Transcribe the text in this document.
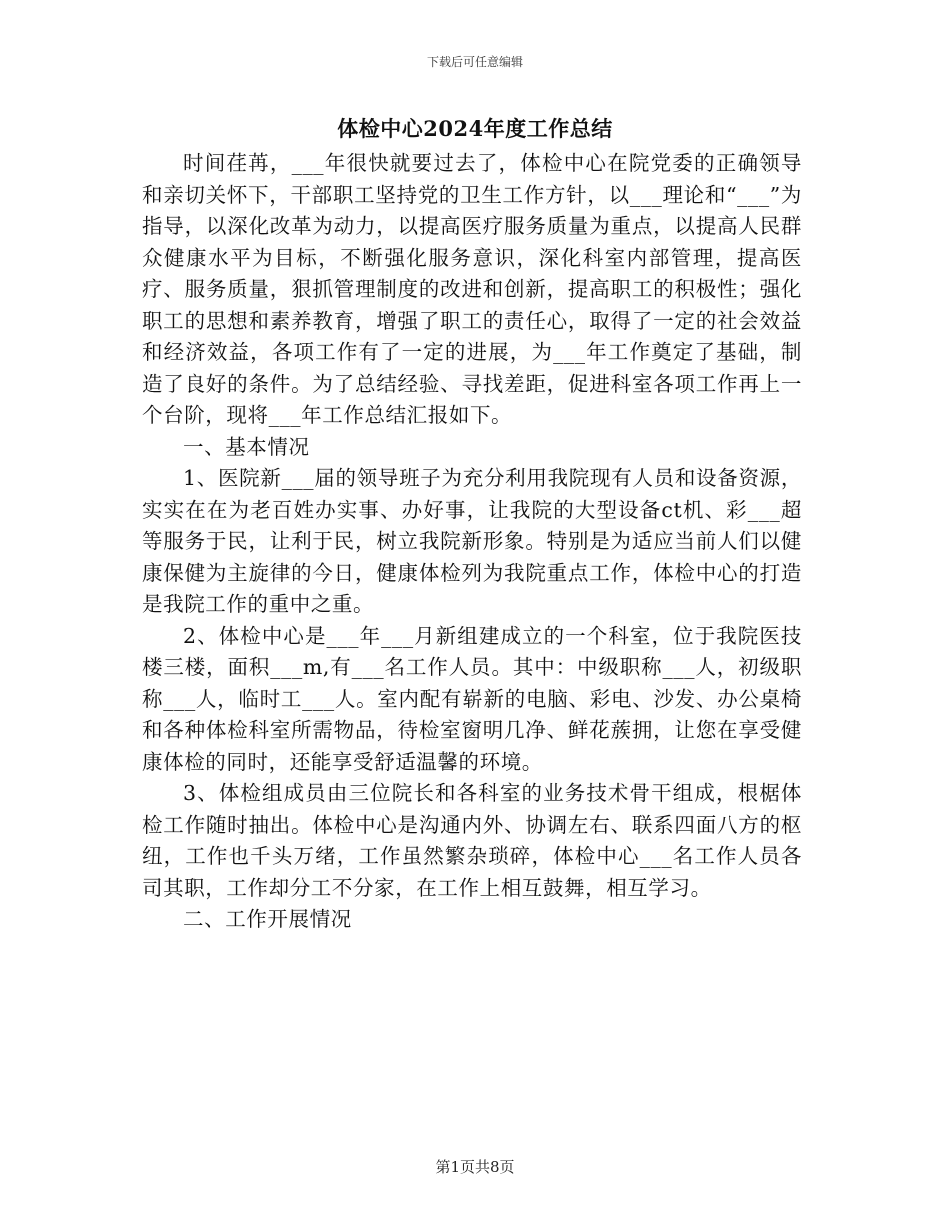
下载后可任意编辑
体检中心2024年度工作总结

时间荏苒，___年很快就要过去了，体检中心在院党委的正确领导和亲切关怀下，干部职工坚持党的卫生工作方针，以___理论和“___”为指导，以深化改革为动力，以提高医疗服务质量为重点，以提高人民群众健康水平为目标，不断强化服务意识，深化科室内部管理，提高医疗、服务质量，狠抓管理制度的改进和创新，提高职工的积极性；强化职工的思想和素养教育，增强了职工的责任心，取得了一定的社会效益和经济效益，各项工作有了一定的进展，为___年工作奠定了基础，制造了良好的条件。为了总结经验、寻找差距，促进科室各项工作再上一个台阶，现将___年工作总结汇报如下。

一、基本情况

1、医院新___届的领导班子为充分利用我院现有人员和设备资源，实实在在为老百姓办实事、办好事，让我院的大型设备ct机、彩___超等服务于民，让利于民，树立我院新形象。特别是为适应当前人们以健康保健为主旋律的今日，健康体检列为我院重点工作，体检中心的打造是我院工作的重中之重。

2、体检中心是___年___月新组建成立的一个科室，位于我院医技楼三楼，面积___m,有___名工作人员。其中：中级职称___人，初级职称___人，临时工___人。室内配有崭新的电脑、彩电、沙发、办公桌椅和各种体检科室所需物品，待检室窗明几净、鲜花蔟拥，让您在享受健康体检的同时，还能享受舒适温馨的环境。

3、体检组成员由三位院长和各科室的业务技术骨干组成，根椐体检工作随时抽出。体检中心是沟通内外、协调左右、联系四面八方的枢纽，工作也千头万绪，工作虽然繁杂琐碎，体检中心___名工作人员各司其职，工作却分工不分家，在工作上相互鼓舞，相互学习。

二、工作开展情况

第1页共8页
